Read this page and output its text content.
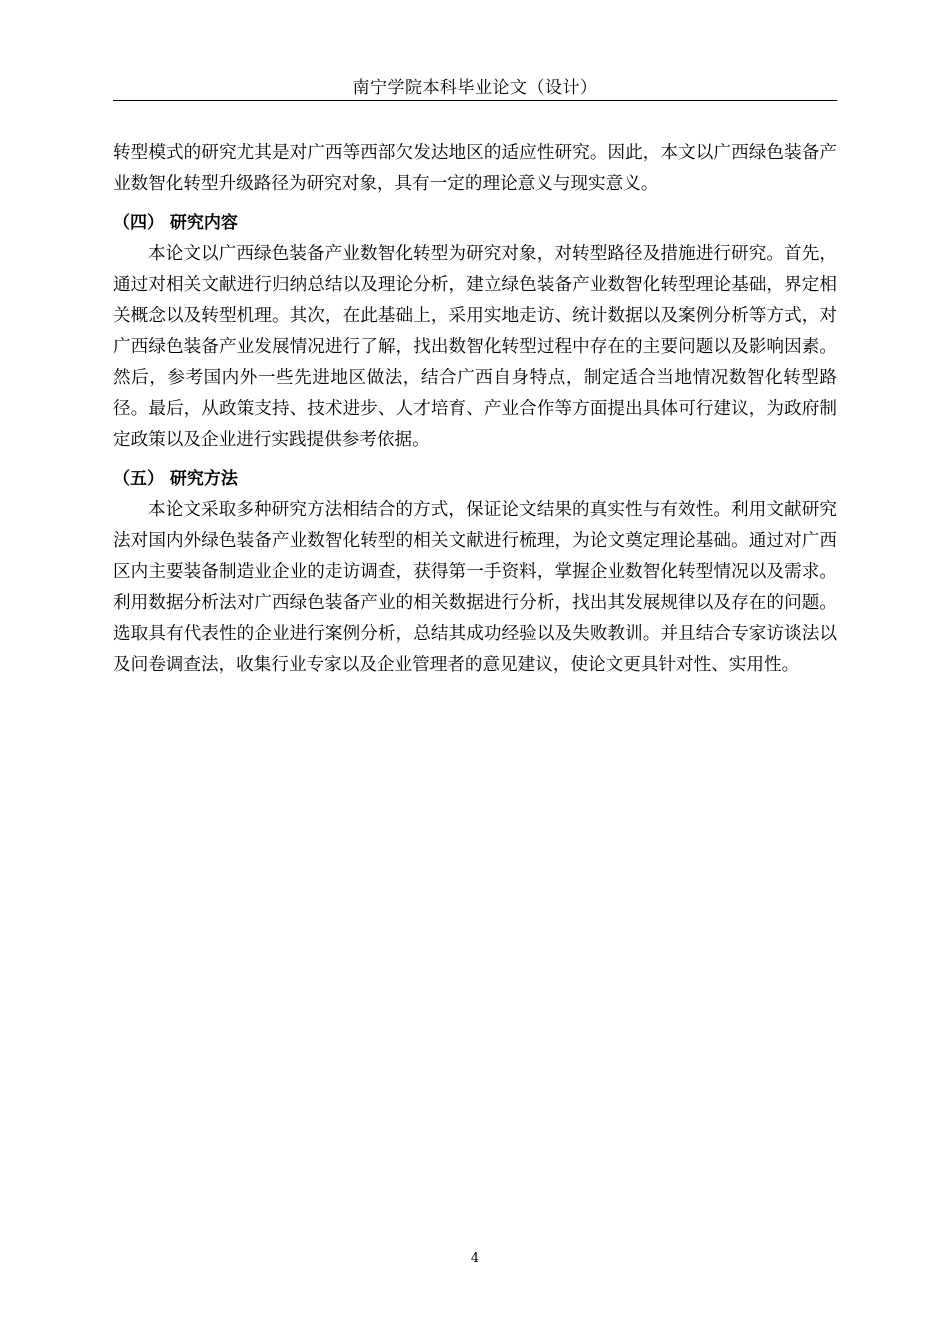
南宁学院本科毕业论文（设计）

转型模式的研究尤其是对广西等西部欠发达地区的适应性研究。因此，本文以广西绿色装备产业数智化转型升级路径为研究对象，具有一定的理论意义与现实意义。

（四） 研究内容

本论文以广西绿色装备产业数智化转型为研究对象，对转型路径及措施进行研究。首先，通过对相关文献进行归纳总结以及理论分析，建立绿色装备产业数智化转型理论基础，界定相关概念以及转型机理。其次，在此基础上，采用实地走访、统计数据以及案例分析等方式，对广西绿色装备产业发展情况进行了解，找出数智化转型过程中存在的主要问题以及影响因素。然后，参考国内外一些先进地区做法，结合广西自身特点，制定适合当地情况数智化转型路径。最后，从政策支持、技术进步、人才培育、产业合作等方面提出具体可行建议，为政府制定政策以及企业进行实践提供参考依据。

（五） 研究方法

本论文采取多种研究方法相结合的方式，保证论文结果的真实性与有效性。利用文献研究法对国内外绿色装备产业数智化转型的相关文献进行梳理，为论文奠定理论基础。通过对广西区内主要装备制造业企业的走访调查，获得第一手资料，掌握企业数智化转型情况以及需求。利用数据分析法对广西绿色装备产业的相关数据进行分析，找出其发展规律以及存在的问题。选取具有代表性的企业进行案例分析，总结其成功经验以及失败教训。并且结合专家访谈法以及问卷调查法，收集行业专家以及企业管理者的意见建议，使论文更具针对性、实用性。

4
